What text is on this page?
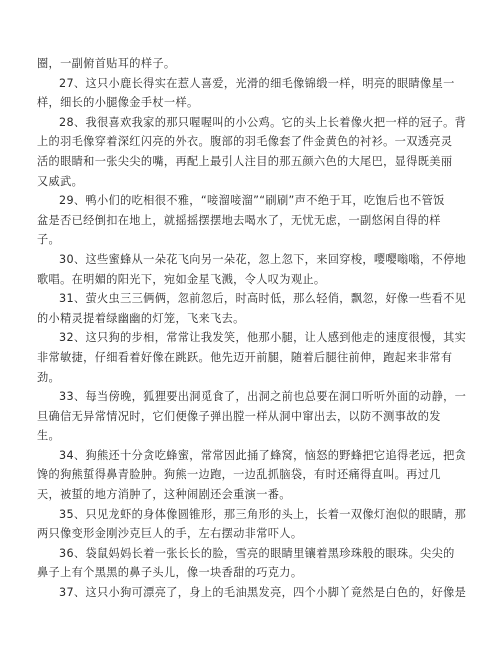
圈，一副俯首贴耳的样子。
27、这只小鹿长得实在惹人喜爱，光滑的细毛像锦缎一样，明亮的眼睛像星一
样，细长的小腿像金手杖一样。
28、我很喜欢我家的那只喔喔叫的小公鸡。它的头上长着像火把一样的冠子。背
上的羽毛像穿着深红闪亮的外衣。腹部的羽毛像套了件金黄色的衬衫。一双透亮灵
活的眼睛和一张尖尖的嘴，再配上最引人注目的那五颜六色的大尾巴，显得既美丽
又威武。
29、鸭小们的吃相很不雅，“唼溜唼溜”“刷刷”声不绝于耳，吃饱后也不管饭
盆是否已经倒扣在地上，就摇摇摆摆地去喝水了，无忧无虑，一副悠闲自得的样
子。
30、这些蜜蜂从一朵花飞向另一朵花，忽上忽下，来回穿梭，嘤嘤嗡嗡，不停地
歌唱。在明媚的阳光下，宛如金星飞溅，令人叹为观止。
31、萤火虫三三俩俩，忽前忽后，时高时低，那么轻俏，飘忽，好像一些看不见
的小精灵提着绿幽幽的灯笼，飞来飞去。
32、这只狗的步相，常常让我发笑，他那小腿，让人感到他走的速度很慢，其实
非常敏捷，仔细看着好像在跳跃。他先迈开前腿，随着后腿往前伸，跑起来非常有
劲。
33、每当傍晚，狐狸要出洞觅食了，出洞之前也总要在洞口听听外面的动静，一
旦确信无异常情况时，它们便像子弹出膛一样从洞中窜出去，以防不测事故的发
生。
34、狗熊还十分贪吃蜂蜜，常常因此捅了蜂窝，恼怒的野蜂把它追得老远，把贪
馋的狗熊蜇得鼻青脸肿。狗熊一边跑，一边乱抓脑袋，有时还痛得直叫。再过几
天，被蜇的地方消肿了，这种闹剧还会重演一番。
35、只见龙虾的身体像圆锥形，那三角形的头上，长着一双像灯泡似的眼睛，那
两只像变形金刚沙克巨人的手，左右摆动非常吓人。
36、袋鼠妈妈长着一张长长的脸，雪亮的眼睛里镶着黑珍珠般的眼珠。尖尖的
鼻子上有个黑黑的鼻子头儿，像一块香甜的巧克力。
37、这只小狗可漂亮了，身上的毛油黑发亮，四个小脚丫竟然是白色的，好像是
